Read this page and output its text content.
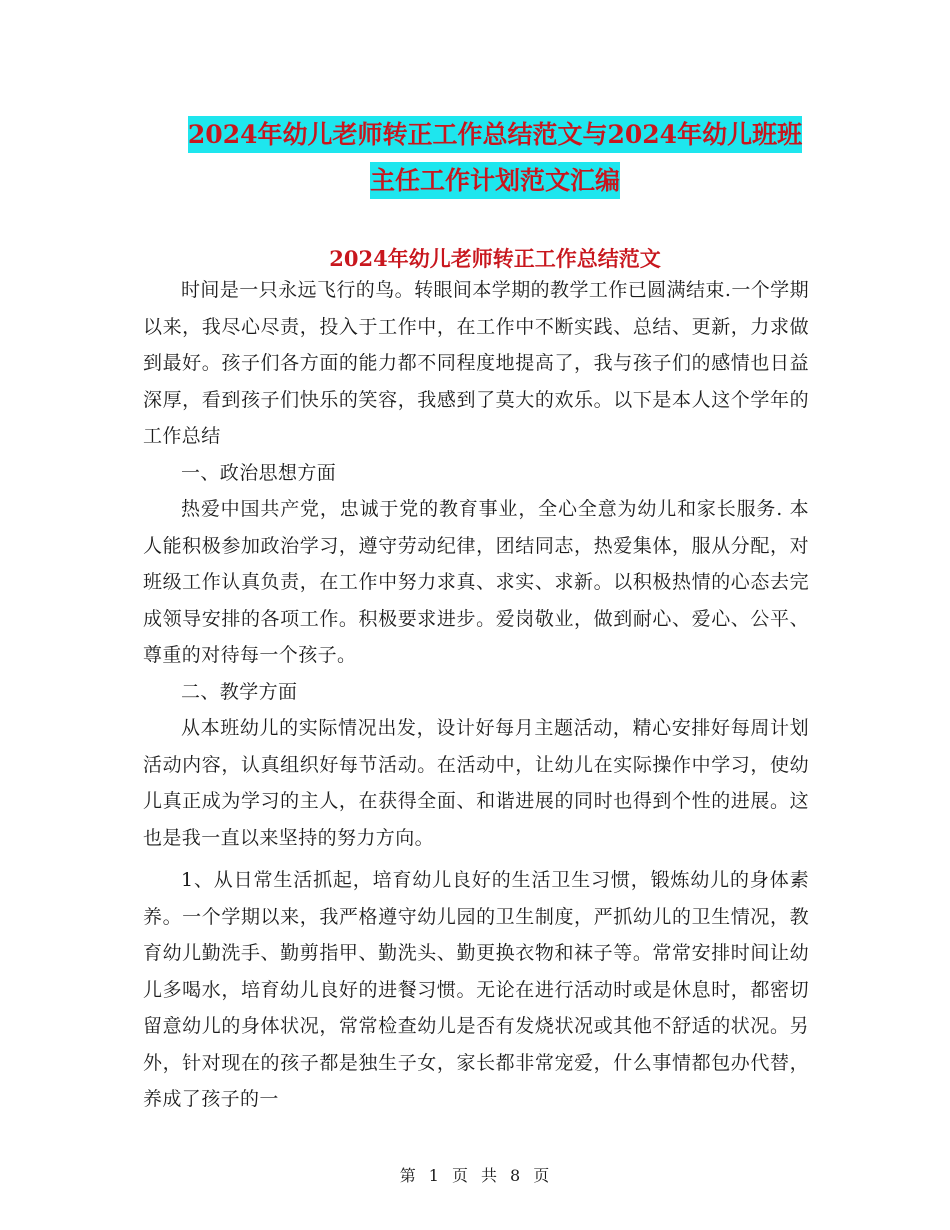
2024年幼儿老师转正工作总结范文与2024年幼儿班班
主任工作计划范文汇编
2024年幼儿老师转正工作总结范文

时间是一只永远飞行的鸟。转眼间本学期的教学工作已圆满结束.一个学期以来，我尽心尽责，投入于工作中，在工作中不断实践、总结、更新，力求做到最好。孩子们各方面的能力都不同程度地提高了，我与孩子们的感情也日益深厚，看到孩子们快乐的笑容，我感到了莫大的欢乐。以下是本人这个学年的工作总结

一、政治思想方面

热爱中国共产党，忠诚于党的教育事业，全心全意为幼儿和家长服务. 本人能积极参加政治学习，遵守劳动纪律，团结同志，热爱集体，服从分配，对班级工作认真负责，在工作中努力求真、求实、求新。以积极热情的心态去完成领导安排的各项工作。积极要求进步。爱岗敬业，做到耐心、爱心、公平、尊重的对待每一个孩子。

二、教学方面

从本班幼儿的实际情况出发，设计好每月主题活动，精心安排好每周计划活动内容，认真组织好每节活动。在活动中，让幼儿在实际操作中学习，使幼儿真正成为学习的主人，在获得全面、和谐进展的同时也得到个性的进展。这也是我一直以来坚持的努力方向。

1、从日常生活抓起，培育幼儿良好的生活卫生习惯，锻炼幼儿的身体素养。一个学期以来，我严格遵守幼儿园的卫生制度，严抓幼儿的卫生情况，教育幼儿勤洗手、勤剪指甲、勤洗头、勤更换衣物和袜子等。常常安排时间让幼儿多喝水，培育幼儿良好的进餐习惯。无论在进行活动时或是休息时，都密切留意幼儿的身体状况，常常检查幼儿是否有发烧状况或其他不舒适的状况。另外，针对现在的孩子都是独生子女，家长都非常宠爱，什么事情都包办代替，养成了孩子的一

第 1 页 共 8 页
